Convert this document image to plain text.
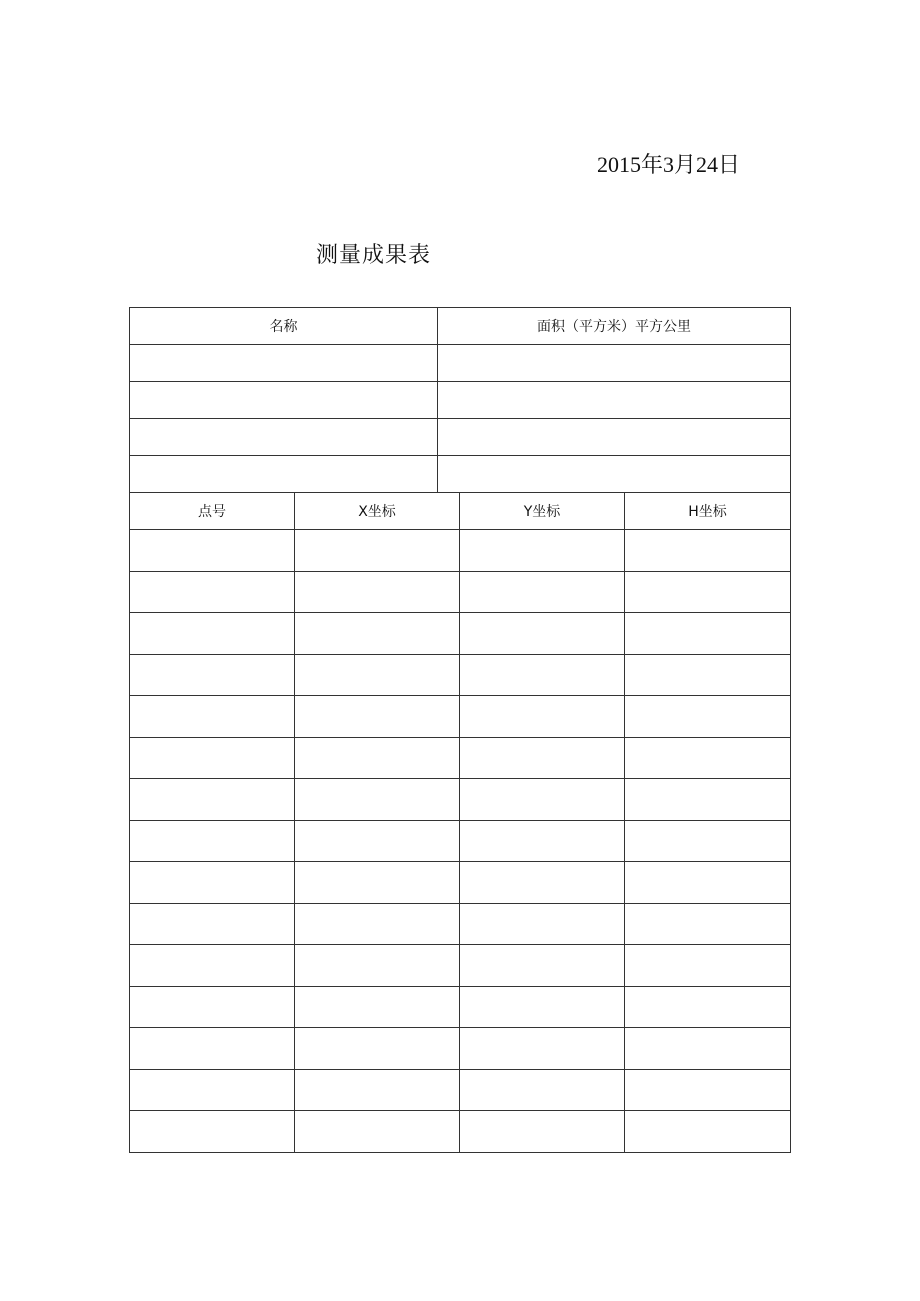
2015年3月24日
测量成果表
名称	面积（平方米）平方公里

点号	X坐标	Y坐标	H坐标
